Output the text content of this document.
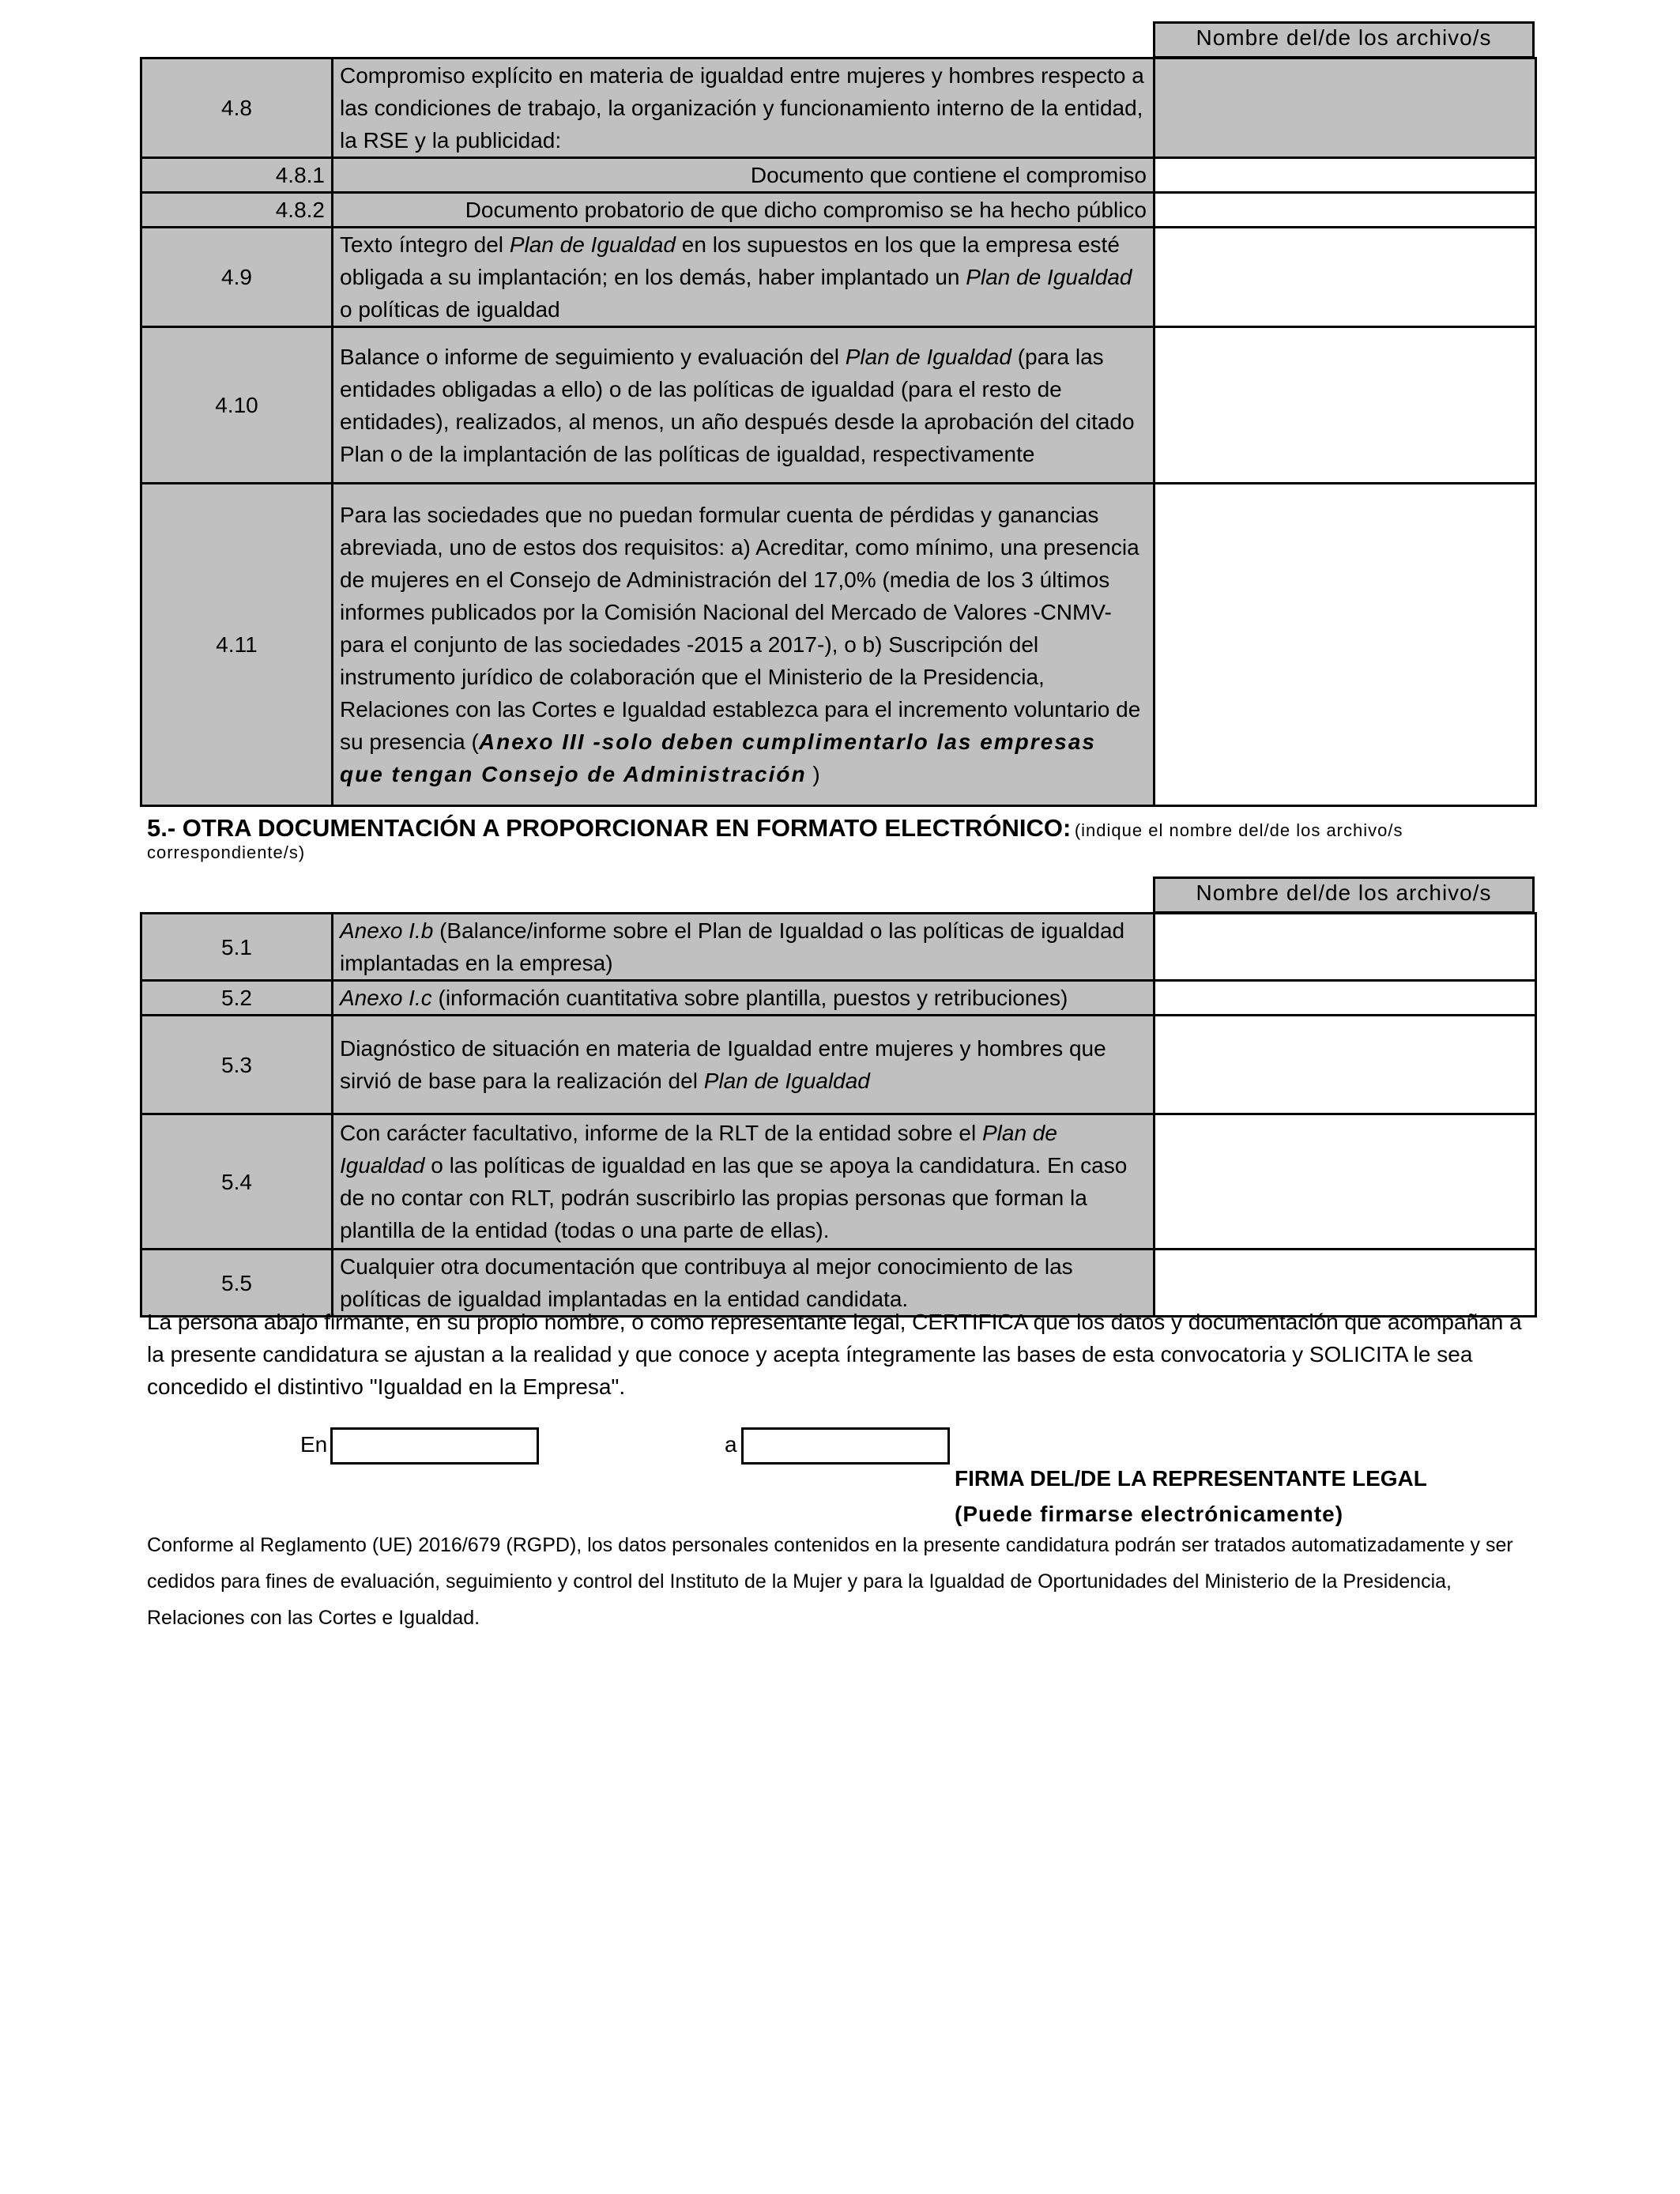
Nombre del/de los archivo/s
4.8	Compromiso explícito en materia de igualdad entre mujeres y hombres respecto a las condiciones de trabajo, la organización y funcionamiento interno de la entidad, la RSE y la publicidad:	
4.8.1	Documento que contiene el compromiso	
4.8.2	Documento probatorio de que dicho compromiso se ha hecho público	
4.9	Texto íntegro del Plan de Igualdad en los supuestos en los que la empresa esté obligada a su implantación; en los demás, haber implantado un Plan de Igualdad o políticas de igualdad	
4.10	Balance o informe de seguimiento y evaluación del Plan de Igualdad (para las entidades obligadas a ello) o de las políticas de igualdad (para el resto de entidades), realizados, al menos, un año después desde la aprobación del citado Plan o de la implantación de las políticas de igualdad, respectivamente	
4.11	Para las sociedades que no puedan formular cuenta de pérdidas y ganancias abreviada, uno de estos dos requisitos: a) Acreditar, como mínimo, una presencia de mujeres en el Consejo de Administración del 17,0% (media de los 3 últimos informes publicados por la Comisión Nacional del Mercado de Valores -CNMV- para el conjunto de las sociedades -2015 a 2017-), o b) Suscripción del instrumento jurídico de colaboración que el Ministerio de la Presidencia, Relaciones con las Cortes e Igualdad establezca para el incremento voluntario de su presencia (Anexo III -solo deben cumplimentarlo las empresas que tengan Consejo de Administración )	
5.- OTRA DOCUMENTACIÓN A PROPORCIONAR EN FORMATO ELECTRÓNICO: (indique el nombre del/de los archivo/s correspondiente/s)
Nombre del/de los archivo/s
5.1	Anexo I.b (Balance/informe sobre el Plan de Igualdad o las políticas de igualdad implantadas en la empresa)	
5.2	Anexo I.c (información cuantitativa sobre plantilla, puestos y retribuciones)	
5.3	Diagnóstico de situación en materia de Igualdad entre mujeres y hombres que sirvió de base para la realización del Plan de Igualdad	
5.4	Con carácter facultativo, informe de la RLT de la entidad sobre el Plan de Igualdad o las políticas de igualdad en las que se apoya la candidatura. En caso de no contar con RLT, podrán suscribirlo las propias personas que forman la plantilla de la entidad (todas o una parte de ellas).	
5.5	Cualquier otra documentación que contribuya al mejor conocimiento de las políticas de igualdad implantadas en la entidad candidata.	
La persona abajo firmante, en su propio nombre, o como representante legal, CERTIFICA que los datos y documentación que acompañan a la presente candidatura se ajustan a la realidad y que conoce y acepta íntegramente las bases de esta convocatoria y SOLICITA le sea concedido el distintivo "Igualdad en la Empresa".
En	a
FIRMA DEL/DE LA REPRESENTANTE LEGAL
(Puede firmarse electrónicamente)
Conforme al Reglamento (UE) 2016/679 (RGPD), los datos personales contenidos en la presente candidatura podrán ser tratados automatizadamente y ser cedidos para fines de evaluación, seguimiento y control del Instituto de la Mujer y para la Igualdad de Oportunidades del Ministerio de la Presidencia, Relaciones con las Cortes e Igualdad.
